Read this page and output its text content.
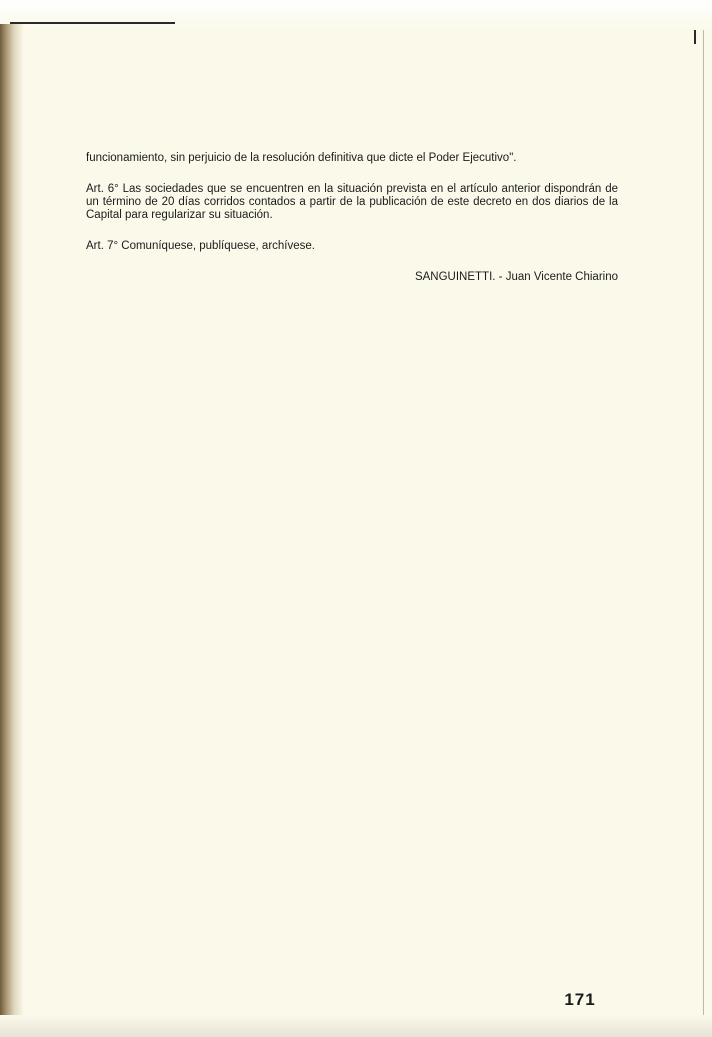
funcionamiento, sin perjuicio de la resolución definitiva que dicte el Poder Ejecutivo".

Art. 6° Las sociedades que se encuentren en la situación prevista en el artículo anterior dispondrán de un término de 20 días corridos contados a partir de la publicación de este decreto en dos diarios de la Capital para regularizar su situación.

Art. 7° Comuníquese, publíquese, archívese.

SANGUINETTI. - Juan Vicente Chiarino
171
